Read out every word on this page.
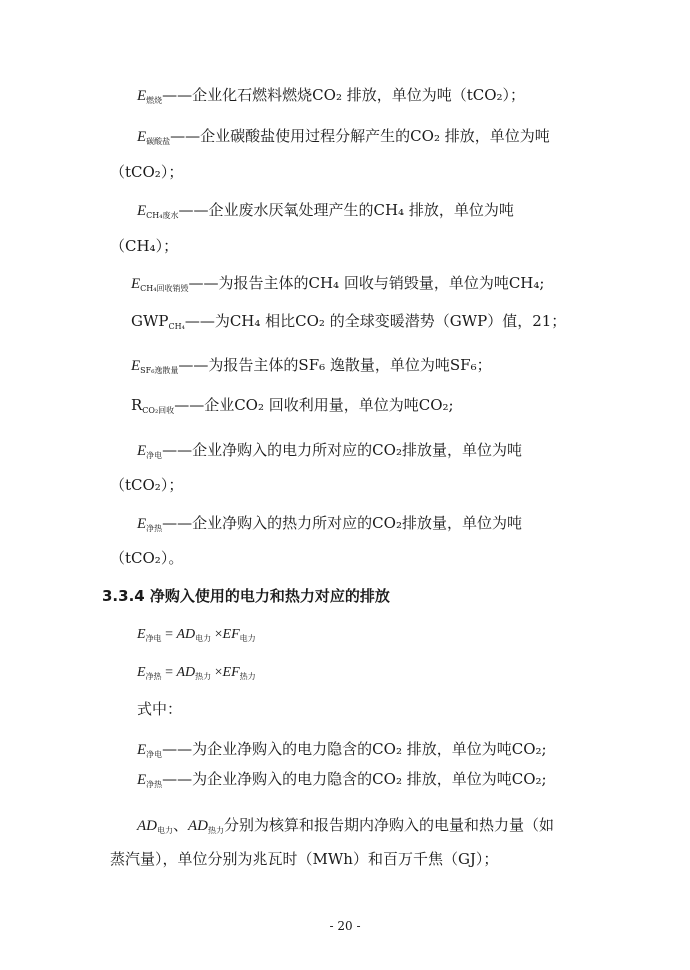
$E_{燃烧}——$企业化石燃料燃烧CO₂ 排放，单位为吨（tCO₂）；
$E_{碳酸盐}——$企业碳酸盐使用过程分解产生的CO₂ 排放，单位为吨
（tCO₂）；
$E_{CH_4废水}——$企业废水厌氧处理产生的CH₄ 排放，单位为吨
（CH₄）；
$E_{CH_4回收销毁}——$为报告主体的CH₄ 回收与销毁量，单位为吨CH₄;
$GWP_{CH_4}——$为CH₄ 相比CO₂ 的全球变暖潜势（GWP）值，21；
$E_{SF_6逸散量}——$为报告主体的SF₆ 逸散量，单位为吨SF₆；
$R_{CO_2回收}——$企业CO₂ 回收利用量，单位为吨CO₂;
$E_{净电}——$企业净购入的电力所对应的CO₂排放量，单位为吨
（tCO₂）；
$E_{净热}——$企业净购入的热力所对应的CO₂排放量，单位为吨
（tCO₂）。
3.3.4 净购入使用的电力和热力对应的排放
$E_{净电} = AD_{电力} \times EF_{电力}$
$E_{净热} = AD_{热力} \times EF_{热力}$
式中：
$E_{净电}——$为企业净购入的电力隐含的CO₂ 排放，单位为吨CO₂;
$E_{净热}——$为企业净购入的电力隐含的CO₂ 排放，单位为吨CO₂;
$AD_{电力}$、$AD_{热力}$分别为核算和报告期内净购入的电量和热力量（如
蒸汽量），单位分别为兆瓦时（MWh）和百万千焦（GJ）；
- 20 -
